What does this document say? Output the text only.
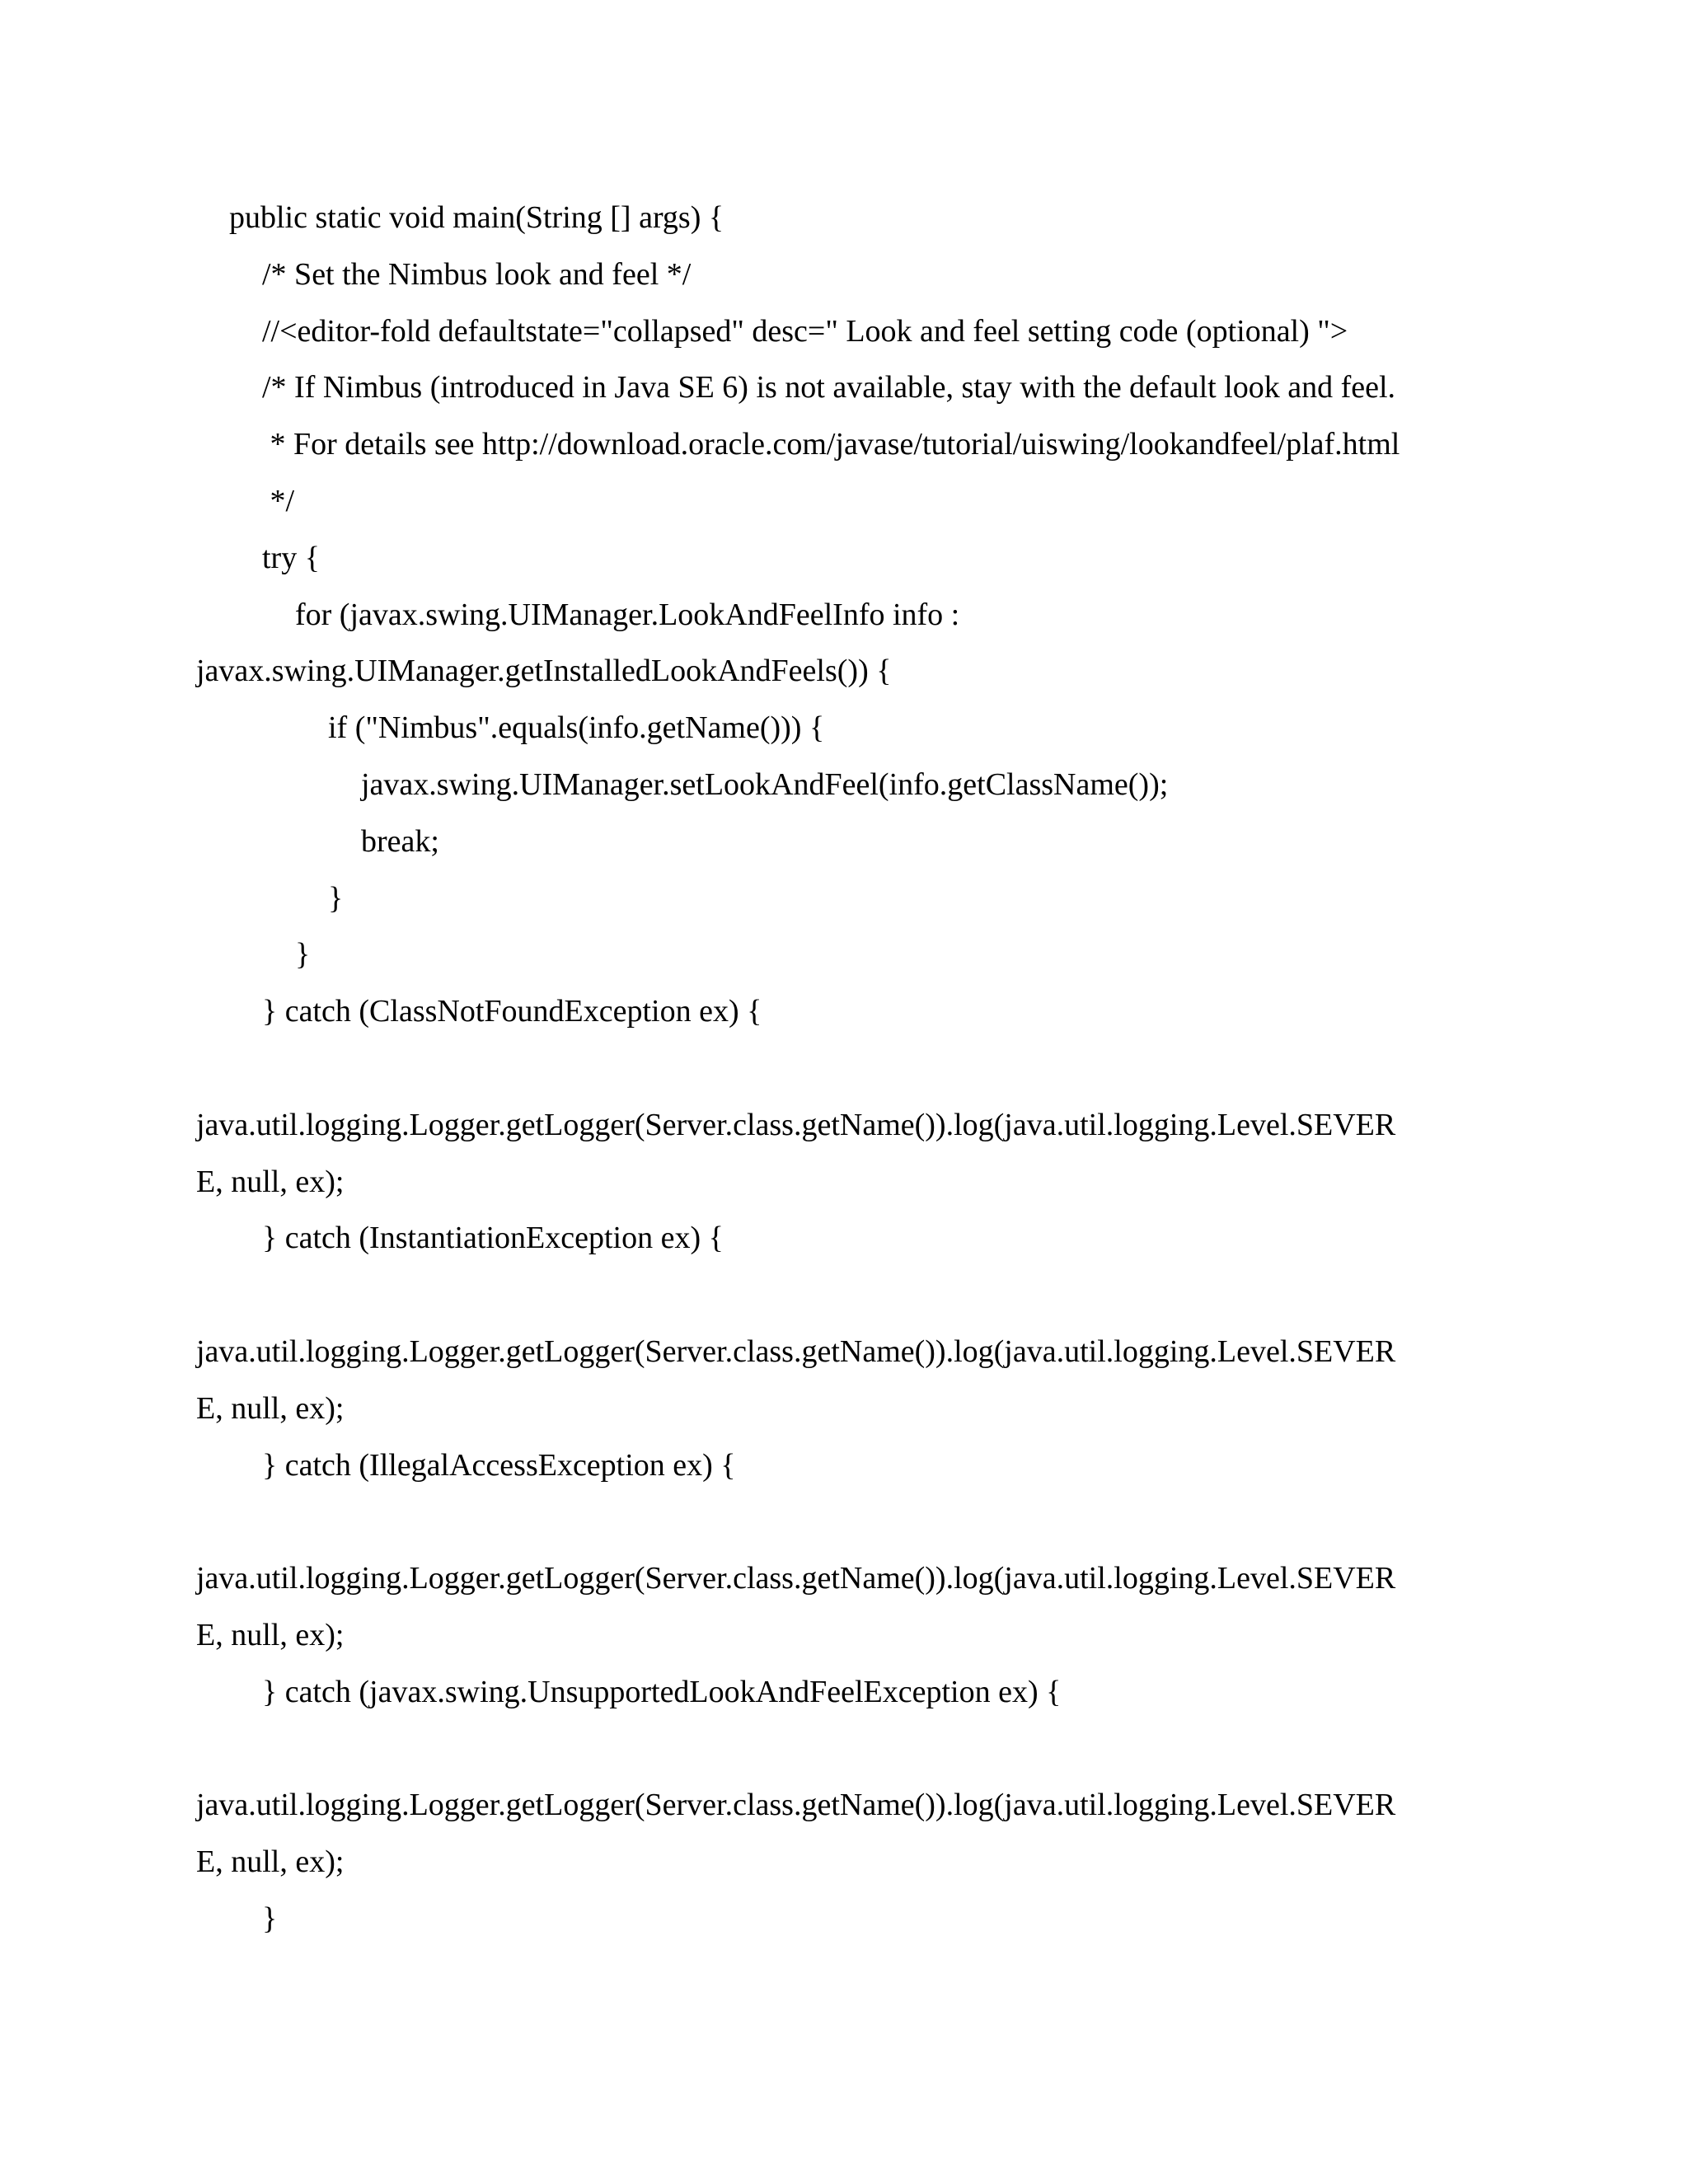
public static void main(String [] args) {
/* Set the Nimbus look and feel */
//<editor-fold defaultstate="collapsed" desc=" Look and feel setting code (optional) ">
/* If Nimbus (introduced in Java SE 6) is not available, stay with the default look and feel.
* For details see http://download.oracle.com/javase/tutorial/uiswing/lookandfeel/plaf.html
*/
try {
for (javax.swing.UIManager.LookAndFeelInfo info :
javax.swing.UIManager.getInstalledLookAndFeels()) {
if ("Nimbus".equals(info.getName())) {
javax.swing.UIManager.setLookAndFeel(info.getClassName());
break;
}
}
} catch (ClassNotFoundException ex) {
java.util.logging.Logger.getLogger(Server.class.getName()).log(java.util.logging.Level.SEVER
E, null, ex);
} catch (InstantiationException ex) {
java.util.logging.Logger.getLogger(Server.class.getName()).log(java.util.logging.Level.SEVER
E, null, ex);
} catch (IllegalAccessException ex) {
java.util.logging.Logger.getLogger(Server.class.getName()).log(java.util.logging.Level.SEVER
E, null, ex);
} catch (javax.swing.UnsupportedLookAndFeelException ex) {
java.util.logging.Logger.getLogger(Server.class.getName()).log(java.util.logging.Level.SEVER
E, null, ex);
}
